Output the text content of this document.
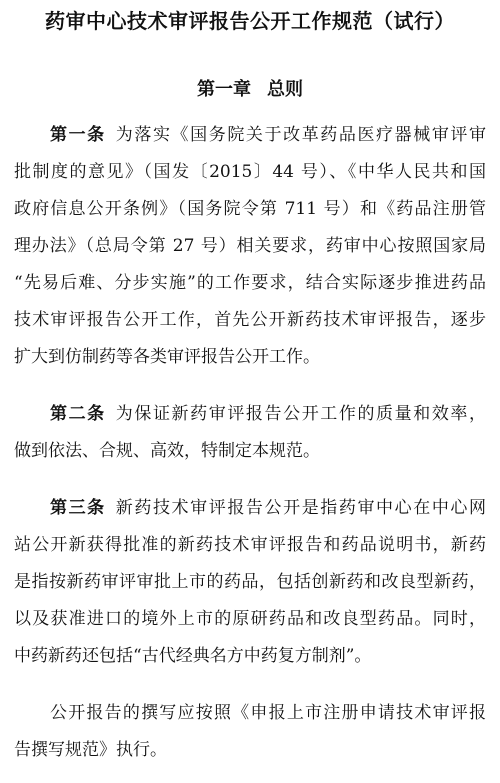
药审中心技术审评报告公开工作规范（试行）
第一章 总则
第一条 为落实《国务院关于改革药品医疗器械审评审
批制度的意见》（国发〔2015〕44 号）、《中华人民共和国
政府信息公开条例》（国务院令第 711 号）和《药品注册管
理办法》（总局令第 27 号）相关要求，药审中心按照国家局
“先易后难、分步实施”的工作要求，结合实际逐步推进药品
技术审评报告公开工作，首先公开新药技术审评报告，逐步
扩大到仿制药等各类审评报告公开工作。
第二条 为保证新药审评报告公开工作的质量和效率，
做到依法、合规、高效，特制定本规范。
第三条 新药技术审评报告公开是指药审中心在中心网
站公开新获得批准的新药技术审评报告和药品说明书，新药
是指按新药审评审批上市的药品，包括创新药和改良型新药，
以及获准进口的境外上市的原研药品和改良型药品。同时，
中药新药还包括“古代经典名方中药复方制剂”。
公开报告的撰写应按照《申报上市注册申请技术审评报
告撰写规范》执行。
